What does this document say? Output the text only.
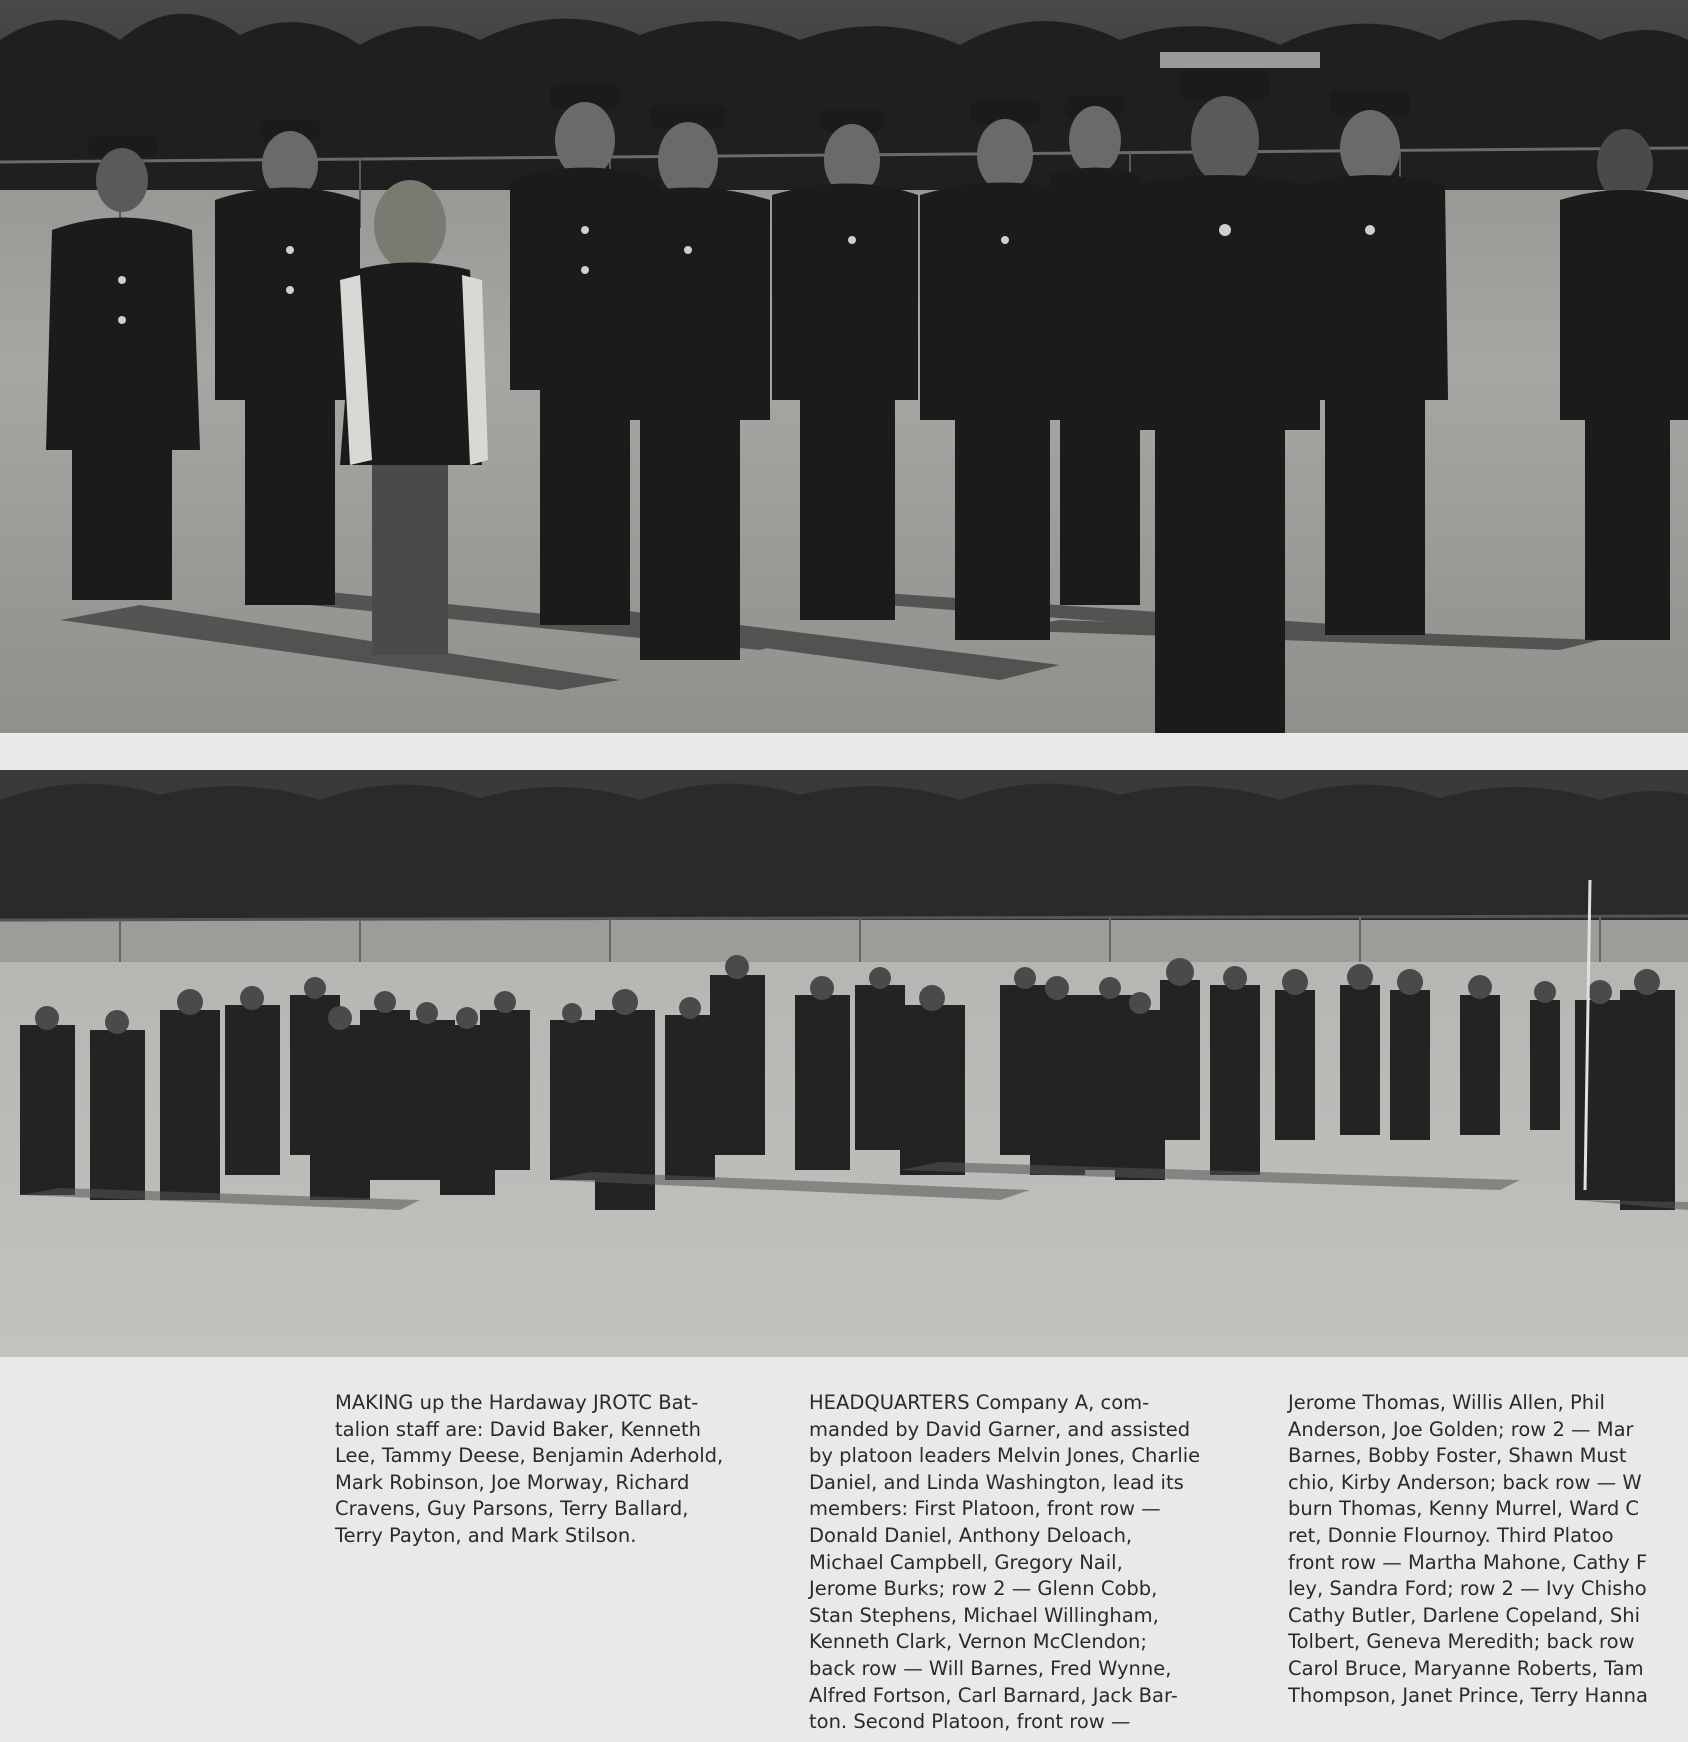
MAKING up the Hardaway JROTC Bat-

talion staff are: David Baker, Kenneth

Lee, Tammy Deese, Benjamin Aderhold,

Mark Robinson, Joe Morway, Richard

Cravens, Guy Parsons, Terry Ballard,

Terry Payton, and Mark Stilson.

HEADQUARTERS Company A, com-

manded by David Garner, and assisted

by platoon leaders Melvin Jones, Charlie

Daniel, and Linda Washington, lead its

members: First Platoon, front row —

Donald Daniel, Anthony Deloach,

Michael Campbell, Gregory Nail,

Jerome Burks; row 2 — Glenn Cobb,

Stan Stephens, Michael Willingham,

Kenneth Clark, Vernon McClendon;

back row — Will Barnes, Fred Wynne,

Alfred Fortson, Carl Barnard, Jack Bar-

ton. Second Platoon, front row —

Jerome Thomas, Willis Allen, Phil

Anderson, Joe Golden; row 2 — Mar

Barnes, Bobby Foster, Shawn Must

chio, Kirby Anderson; back row — W

burn Thomas, Kenny Murrel, Ward C

ret, Donnie Flournoy. Third Platoo

front row — Martha Mahone, Cathy F

ley, Sandra Ford; row 2 — Ivy Chisho

Cathy Butler, Darlene Copeland, Shi

Tolbert, Geneva Meredith; back row

Carol Bruce, Maryanne Roberts, Tam

Thompson, Janet Prince, Terry Hanna
